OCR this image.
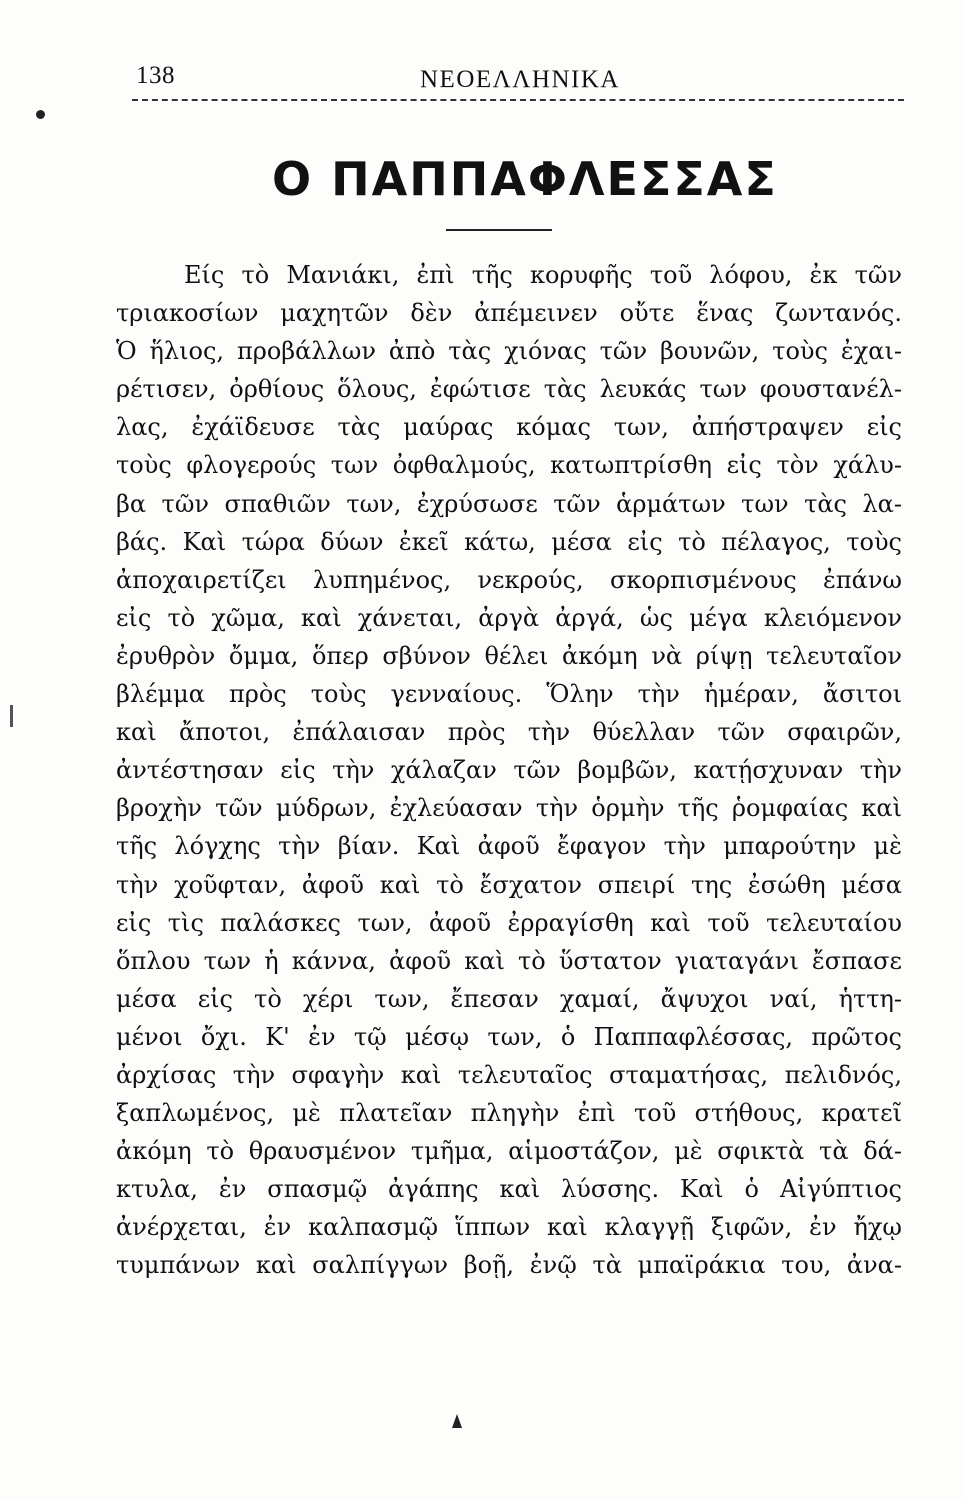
138	ΝΕΟΕΛΛΗΝΙΚΑ
Ο ΠΑΠΠΑΦΛΕΣΣΑΣ
Είς τὸ Μανιάκι, ἐπὶ τῆς κορυφῆς τοῦ λόφου, ἐκ τῶν
τριακοσίων μαχητῶν δὲν ἀπέμεινεν οὔτε ἕνας ζωντανός.
Ὁ ἥλιος, προβάλλων ἀπὸ τὰς χιόνας τῶν βουνῶν, τοὺς ἐχαι-
ρέτισεν, ὀρθίους ὅλους, ἐφώτισε τὰς λευκάς των φουστανέλ-
λας, ἐχάϊδευσε τὰς μαύρας κόμας των, ἀπήστραψεν εἰς
τοὺς φλογερούς των ὀφθαλμούς, κατωπτρίσθη εἰς τὸν χάλυ-
βα τῶν σπαθιῶν των, ἐχρύσωσε τῶν ἁρμάτων των τὰς λα-
βάς. Καὶ τώρα δύων ἐκεῖ κάτω, μέσα εἰς τὸ πέλαγος, τοὺς
ἀποχαιρετίζει λυπημένος, νεκρούς, σκορπισμένους ἐπάνω
εἰς τὸ χῶμα, καὶ χάνεται, ἀργὰ ἀργά, ὡς μέγα κλειόμενον
ἐρυθρὸν ὄμμα, ὅπερ σβύνον θέλει ἀκόμη νὰ ρίψῃ τελευταῖον
βλέμμα πρὸς τοὺς γενναίους. Ὅλην τὴν ἡμέραν, ἄσιτοι
καὶ ἄποτοι, ἐπάλαισαν πρὸς τὴν θύελλαν τῶν σφαιρῶν,
ἀντέστησαν εἰς τὴν χάλαζαν τῶν βομβῶν, κατῄσχυναν τὴν
βροχὴν τῶν μύδρων, ἐχλεύασαν τὴν ὁρμὴν τῆς ῥομφαίας καὶ
τῆς λόγχης τὴν βίαν. Καὶ ἀφοῦ ἔφαγον τὴν μπαρούτην μὲ
τὴν χοῦφταν, ἀφοῦ καὶ τὸ ἔσχατον σπειρί της ἐσώθη μέσα
εἰς τὶς παλάσκες των, ἀφοῦ ἐρραγίσθη καὶ τοῦ τελευταίου
ὅπλου των ἡ κάννα, ἀφοῦ καὶ τὸ ὕστατον γιαταγάνι ἔσπασε
μέσα εἰς τὸ χέρι των, ἔπεσαν χαμαί, ἄψυχοι ναί, ἡττη-
μένοι ὄχι. Κ' ἐν τῷ μέσῳ των, ὁ Παππαφλέσσας, πρῶτος
ἀρχίσας τὴν σφαγὴν καὶ τελευταῖος σταματήσας, πελιδνός,
ξαπλωμένος, μὲ πλατεῖαν πληγὴν ἐπὶ τοῦ στήθους, κρατεῖ
ἀκόμη τὸ θραυσμένον τμῆμα, αἱμοστάζον, μὲ σφικτὰ τὰ δά-
κτυλα, ἐν σπασμῷ ἀγάπης καὶ λύσσης. Καὶ ὁ Αἰγύπτιος
ἀνέρχεται, ἐν καλπασμῷ ἵππων καὶ κλαγγῇ ξιφῶν, ἐν ἤχῳ
τυμπάνων καὶ σαλπίγγων βοῇ, ἐνῷ τὰ μπαϊράκια του, ἀνα-
